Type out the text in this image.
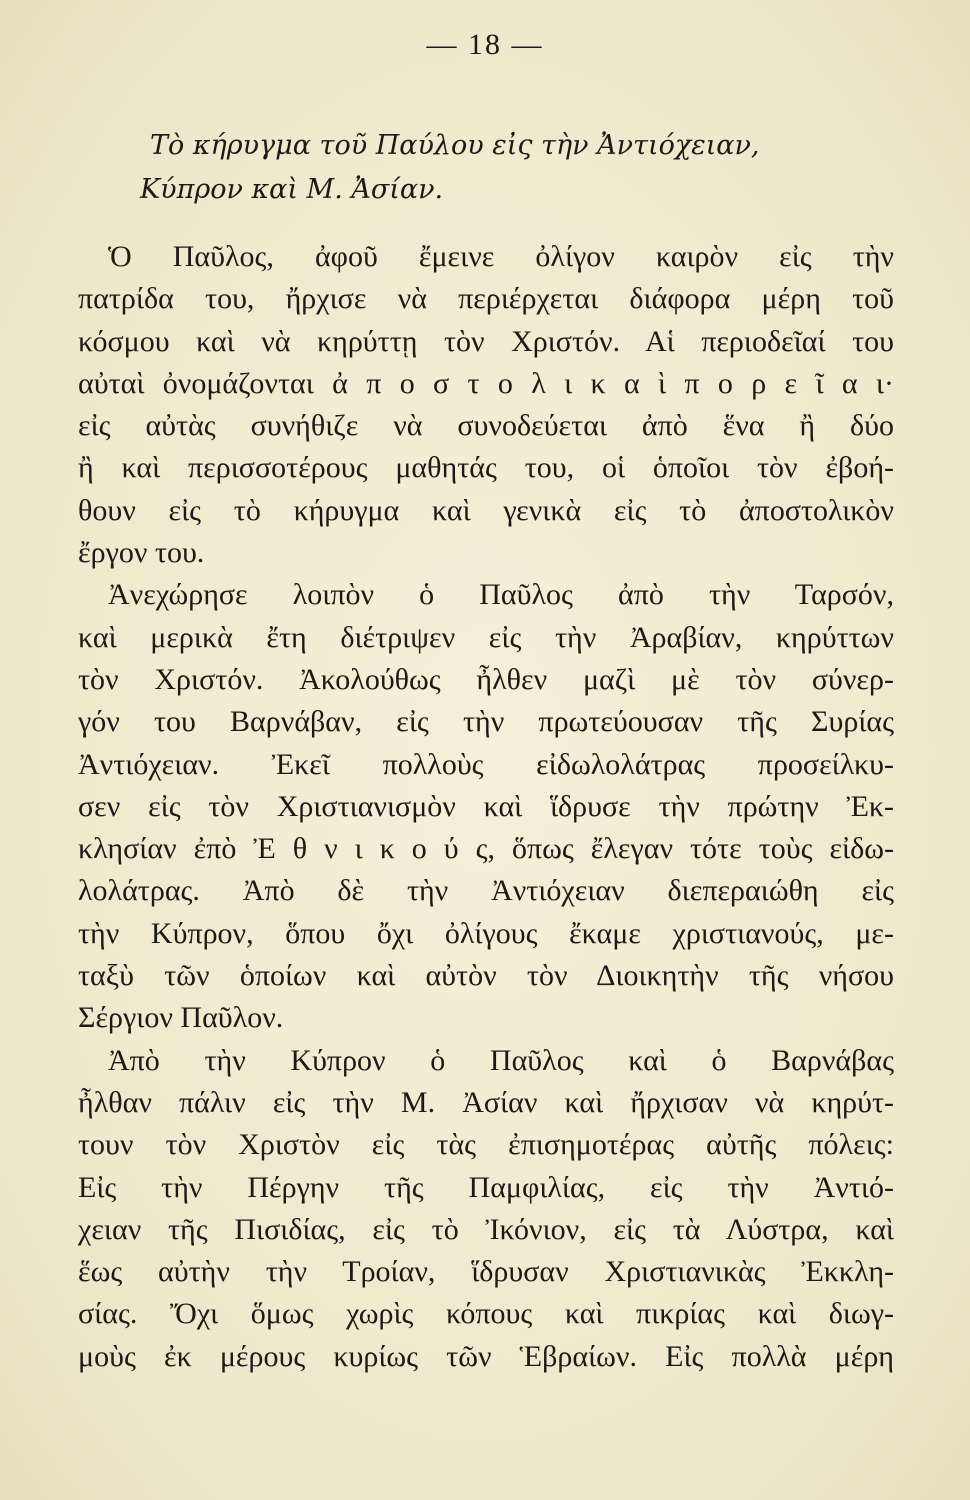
— 18 —
Τὸ κήρυγμα τοῦ Παύλου εἰς τὴν Ἀντιόχειαν,
Κύπρον καὶ Μ. Ἀσίαν.
Ὁ Παῦλος, ἀφοῦ ἔμεινε ὀλίγον καιρὸν εἰς τὴν
πατρίδα του, ἤρχισε νὰ περιέρχεται διάφορα μέρη τοῦ
κόσμου καὶ νὰ κηρύττῃ τὸν Χριστόν. Αἱ περιοδεῖαί του
αὐταὶ ὀνομάζονται ἀ π ο σ τ ο λ ι κ α ὶ π ο ρ ε ῖ α ι·
εἰς αὐτὰς συνήθιζε νὰ συνοδεύεται ἀπὸ ἕνα ἢ δύο
ἢ καὶ περισσοτέρους μαθητάς του, οἱ ὁποῖοι τὸν ἐβοή-
θουν εἰς τὸ κήρυγμα καὶ γενικὰ εἰς τὸ ἀποστολικὸν
ἔργον του.
Ἀνεχώρησε λοιπὸν ὁ Παῦλος ἀπὸ τὴν Ταρσόν,
καὶ μερικὰ ἔτη διέτριψεν εἰς τὴν Ἀραβίαν, κηρύττων
τὸν Χριστόν. Ἀκολούθως ἦλθεν μαζὶ μὲ τὸν σύνερ-
γόν του Βαρνάβαν, εἰς τὴν πρωτεύουσαν τῆς Συρίας
Ἀντιόχειαν. Ἐκεῖ πολλοὺς εἰδωλολάτρας προσείλκυ-
σεν εἰς τὸν Χριστιανισμὸν καὶ ἵδρυσε τὴν πρώτην Ἐκ-
κλησίαν ἐπὸ Ἐ θ ν ι κ ο ύ ς, ὅπως ἔλεγαν τότε τοὺς εἰδω-
λολάτρας. Ἀπὸ δὲ τὴν Ἀντιόχειαν διεπεραιώθη εἰς
τὴν Κύπρον, ὅπου ὄχι ὀλίγους ἔκαμε χριστιανούς, με-
ταξὺ τῶν ὁποίων καὶ αὐτὸν τὸν Διοικητὴν τῆς νήσου
Σέργιον Παῦλον.
Ἀπὸ τὴν Κύπρον ὁ Παῦλος καὶ ὁ Βαρνάβας
ἦλθαν πάλιν εἰς τὴν Μ. Ἀσίαν καὶ ἤρχισαν νὰ κηρύτ-
τουν τὸν Χριστὸν εἰς τὰς ἐπισημοτέρας αὐτῆς πόλεις:
Εἰς τὴν Πέργην τῆς Παμφιλίας, εἰς τὴν Ἀντιό-
χειαν τῆς Πισιδίας, εἰς τὸ Ἰκόνιον, εἰς τὰ Λύστρα, καὶ
ἕως αὐτὴν τὴν Τροίαν, ἵδρυσαν Χριστιανικὰς Ἐκκλη-
σίας. Ὄχι ὅμως χωρὶς κόπους καὶ πικρίας καὶ διωγ-
μοὺς ἐκ μέρους κυρίως τῶν Ἑβραίων. Εἰς πολλὰ μέρη
